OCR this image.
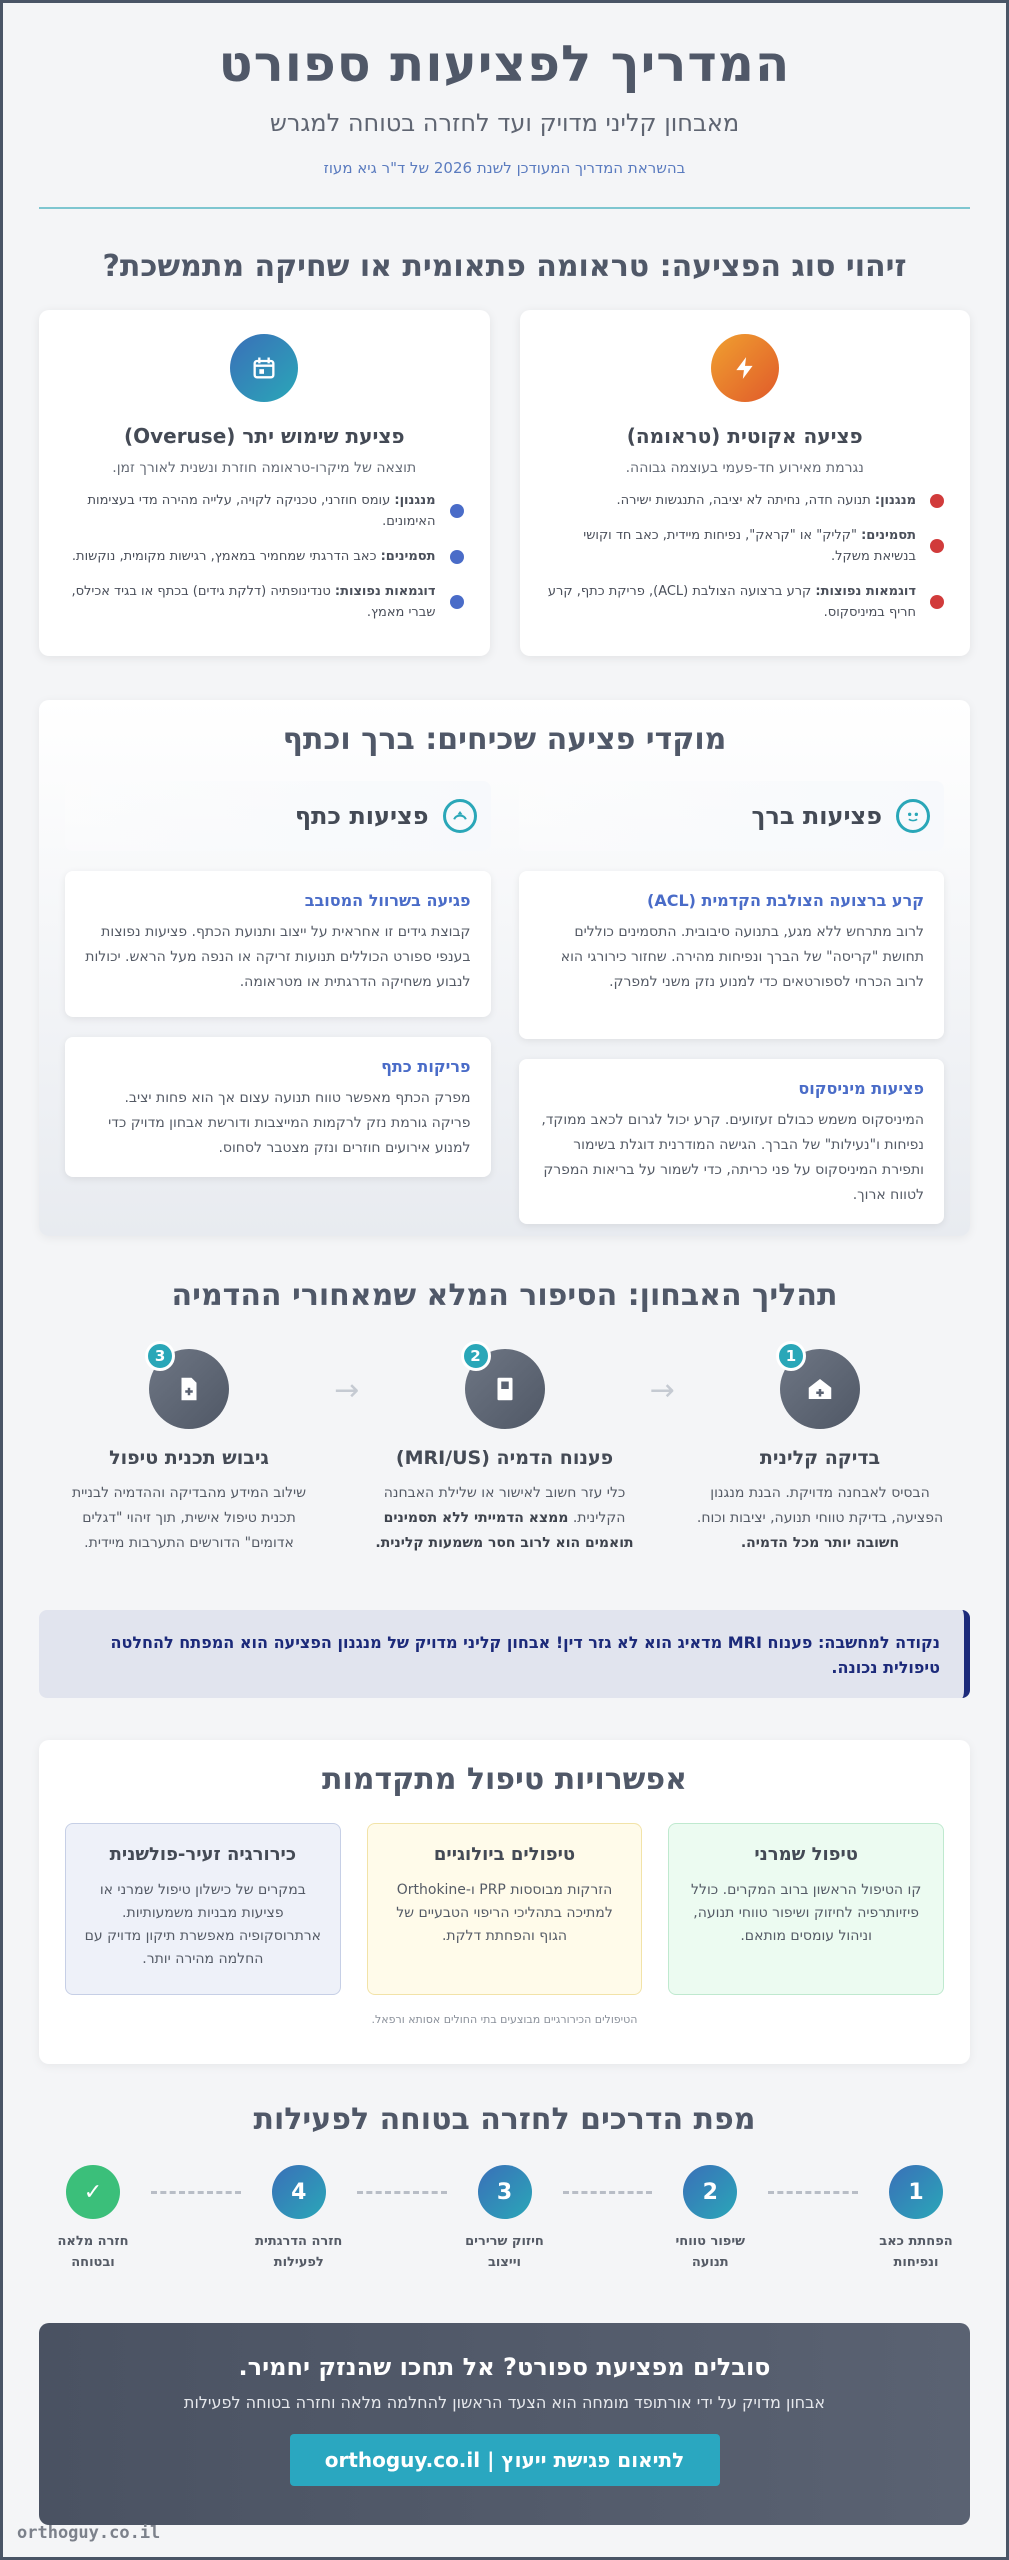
המדריך לפציעות ספורט
מאבחון קליני מדויק ועד לחזרה בטוחה למגרש
בהשראת המדריך המעודכן לשנת 2026 של ד"ר גיא מעוז
זיהוי סוג הפציעה: טראומה פתאומית או שחיקה מתמשכת?
פציעה אקוטית (טראומה)
נגרמת מאירוע חד-פעמי בעוצמה גבוהה.
מנגנון: תנועה חדה, נחיתה לא יציבה, התנגשות ישירה.
תסמינים: "קליק" או "קראק", נפיחות מיידית, כאב חד וקושי בנשיאת משקל.
דוגמאות נפוצות: קרע ברצועה הצולבת (ACL), פריקת כתף, קרע חריף במיניסקוס.
פציעת שימוש יתר (Overuse)
תוצאה של מיקרו-טראומה חוזרת ונשנית לאורך זמן.
מנגנון: עומס חוזרני, טכניקה לקויה, עלייה מהירה מדי בעצימות האימונים.
תסמינים: כאב הדרגתי שמחמיר במאמץ, רגישות מקומית, נוקשות.
דוגמאות נפוצות: טנדינופתיה (דלקת גידים) בכתף או בגיד אכילס, שברי מאמץ.
מוקדי פציעה שכיחים: ברך וכתף
פציעות ברך
קרע ברצועה הצולבת הקדמית (ACL)

לרוב מתרחש ללא מגע, בתנועה סיבובית. התסמינים כוללים תחושת "קריסה" של הברך ונפיחות מהירה. שחזור כירורגי הוא לרוב הכרחי לספורטאים כדי למנוע נזק משני למפרק.

פציעות מיניסקוס

המיניסקוס משמש כבולם זעזועים. קרע יכול לגרום לכאב ממוקד, נפיחות ו"נעילות" של הברך. הגישה המודרנית דוגלת בשימור ותפירת המיניסקוס על פני כריתה, כדי לשמור על בריאות המפרק לטווח ארוך.

פציעות כתף
פגיעה בשרוול המסובב

קבוצת גידים זו אחראית על ייצוב ותנועת הכתף. פציעות נפוצות בענפי ספורט הכוללים תנועות זריקה או הנפה מעל הראש. יכולות לנבוע משחיקה הדרגתית או מטראומה.

פריקות כתף

מפרק הכתף מאפשר טווח תנועה עצום אך הוא פחות יציב. פריקה גורמת נזק לרקמות המייצבות ודורשת אבחון מדויק כדי למנוע אירועים חוזרים ונזק מצטבר לסחוס.

תהליך האבחון: הסיפור המלא שמאחורי ההדמיה
1
בדיקה קלינית

הבסיס לאבחנה מדויקת. הבנת מנגנון הפציעה, בדיקת טווחי תנועה, יציבות וכוח. חשובה יותר מכל הדמיה.

→
2
פענוח הדמיה (MRI/US)

כלי עזר חשוב לאישור או שלילת האבחנה הקלינית. ממצא הדמייתי ללא תסמינים תואמים הוא לרוב חסר משמעות קלינית.

→
3
גיבוש תכנית טיפול

שילוב המידע מהבדיקה וההדמיה לבניית תכנית טיפול אישית, תוך זיהוי "דגלים אדומים" הדורשים התערבות מיידית.

נקודה למחשבה: פענוח MRI מדאיג הוא לא גזר דין! אבחון קליני מדויק של מנגנון הפציעה הוא המפתח להחלטה טיפולית נכונה.
אפשרויות טיפול מתקדמות
טיפול שמרני

קו הטיפול הראשון ברוב המקרים. כולל פיזיותרפיה לחיזוק ושיפור טווחי תנועה, וניהול עומסים מותאם.

טיפולים ביולוגיים

הזרקות מבוססות PRP ו-Orthokine למתיכה בתהליכי הריפוי הטבעיים של הגוף והפחתת דלקת.

כירורגיה זעיר-פולשנית

במקרים של כישלון טיפול שמרני או פציעות מבניות משמעותיות. ארתרוסקופיה מאפשרת תיקון מדויק עם החלמה מהירה יותר.

הטיפולים הכירורגיים מבוצעים בתי החולים אסותא ורפאל.
מפת הדרכים לחזרה בטוחה לפעילות
1
הפחתת כאב ונפיחות
2
שיפור טווחי תנועה
3
חיזוק שרירים וייצוב
4
חזרה הדרגתית לפעילות
✓
חזרה מלאה ובטוחה
סובלים מפציעת ספורט? אל תחכו שהנזק יחמיר.
אבחון מדויק על ידי אורתופד מומחה הוא הצעד הראשון להחלמה מלאה וחזרה בטוחה לפעילות
לתיאום פגישת ייעוץ | orthoguy.co.il
orthoguy.co.il
